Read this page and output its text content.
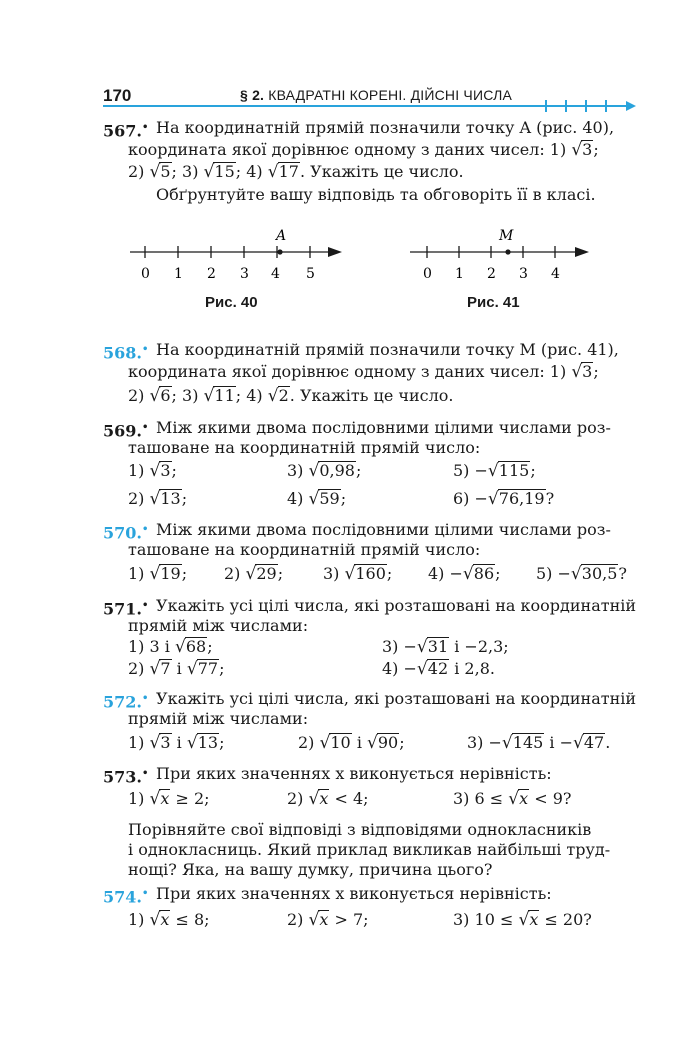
170	§ 2. КВАДРАТНІ КОРЕНІ. ДІЙСНІ ЧИСЛА
567.• На координатній прямій позначили точку A (рис. 40),
координата якої дорівнює одному з даних чисел: 1) √3;
2) √5; 3) √15; 4) √17. Укажіть це число.
Обґрунтуйте вашу відповідь та обговоріть її в класі.
A
0 1 2 3 4 5
M
0 1 2 3 4
Рис. 40	Рис. 41
568.• На координатній прямій позначили точку M (рис. 41),
координата якої дорівнює одному з даних чисел: 1) √3;
2) √6; 3) √11; 4) √2. Укажіть це число.
569.• Між якими двома послідовними цілими числами роз-
ташоване на координатній прямій число:
1) √3;	3) √0,98;	5) −√115;
2) √13;	4) √59;	6) −√76,19?
570.• Між якими двома послідовними цілими числами роз-
ташоване на координатній прямій число:
1) √19; 2) √29; 3) √160; 4) −√86; 5) −√30,5?
571.• Укажіть усі цілі числа, які розташовані на координатній
прямій між числами:
1) 3 і √68;	3) −√31 і −2,3;
2) √7 і √77;	4) −√42 і 2,8.
572.• Укажіть усі цілі числа, які розташовані на координатній
прямій між числами:
1) √3 і √13;	2) √10 і √90;	3) −√145 і −√47.
573.• При яких значеннях x виконується нерівність:
1) √x ≥ 2;	2) √x < 4;	3) 6 ≤ √x < 9?
Порівняйте свої відповіді з відповідями однокласників
і однокласниць. Який приклад викликав найбільші труд-
нощі? Яка, на вашу думку, причина цього?
574.• При яких значеннях x виконується нерівність:
1) √x ≤ 8;	2) √x > 7;	3) 10 ≤ √x ≤ 20?
